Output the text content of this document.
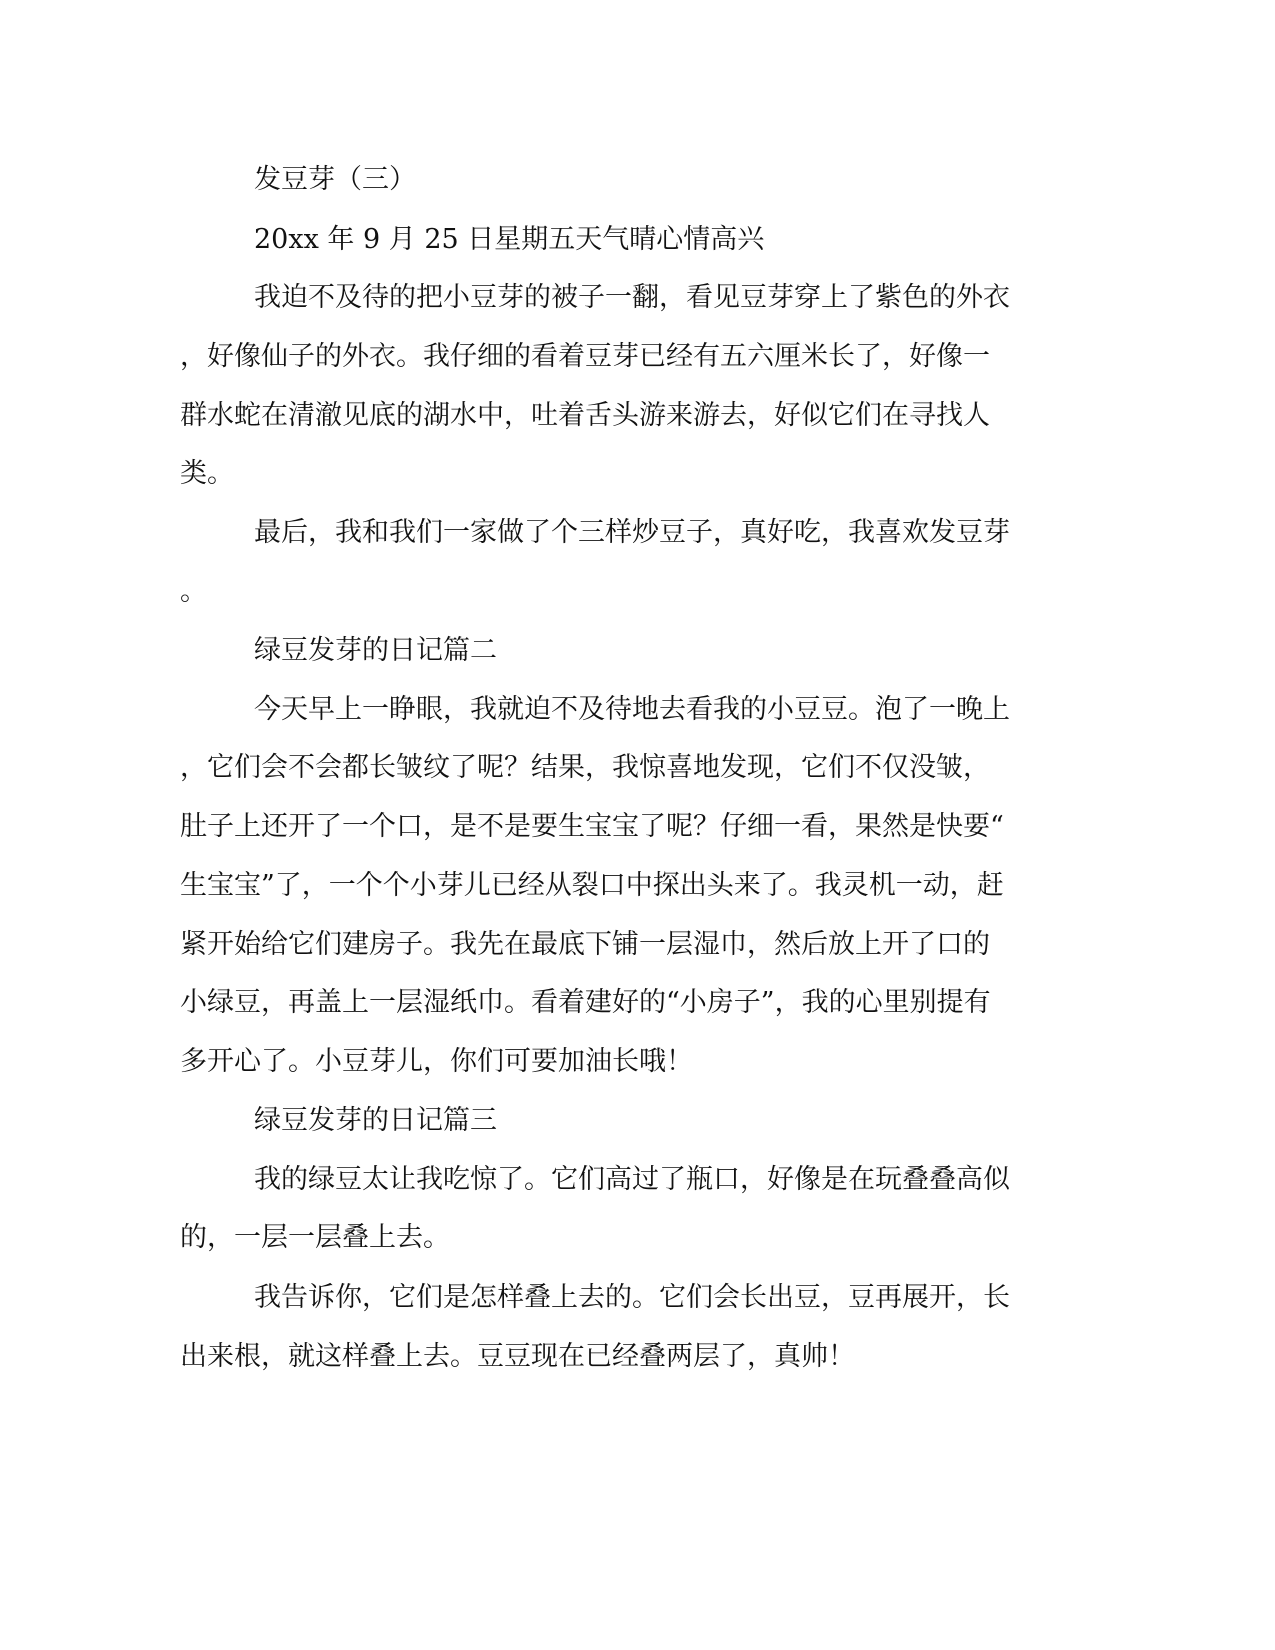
发豆芽（三）

20xx 年 9 月 25 日星期五天气晴心情高兴

我迫不及待的把小豆芽的被子一翻，看见豆芽穿上了紫色的外衣

，好像仙子的外衣。我仔细的看着豆芽已经有五六厘米长了，好像一

群水蛇在清澈见底的湖水中，吐着舌头游来游去，好似它们在寻找人

类。

最后，我和我们一家做了个三样炒豆子，真好吃，我喜欢发豆芽

。

绿豆发芽的日记篇二

今天早上一睁眼，我就迫不及待地去看我的小豆豆。泡了一晚上

，它们会不会都长皱纹了呢？结果，我惊喜地发现，它们不仅没皱，

肚子上还开了一个口，是不是要生宝宝了呢？仔细一看，果然是快要“

生宝宝”了，一个个小芽儿已经从裂口中探出头来了。我灵机一动，赶

紧开始给它们建房子。我先在最底下铺一层湿巾，然后放上开了口的

小绿豆，再盖上一层湿纸巾。看着建好的“小房子”，我的心里别提有

多开心了。小豆芽儿，你们可要加油长哦！

绿豆发芽的日记篇三

我的绿豆太让我吃惊了。它们高过了瓶口，好像是在玩叠叠高似

的，一层一层叠上去。

我告诉你，它们是怎样叠上去的。它们会长出豆，豆再展开，长

出来根，就这样叠上去。豆豆现在已经叠两层了，真帅！
